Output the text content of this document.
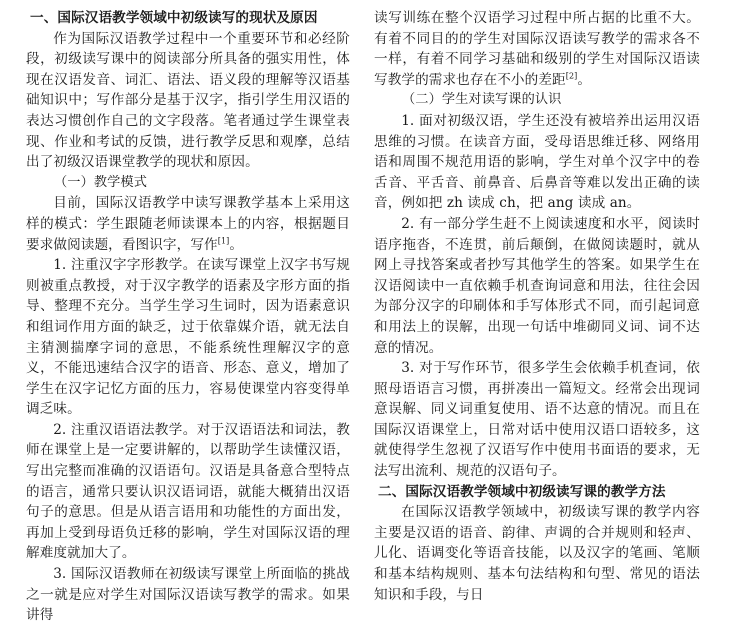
一、国际汉语教学领域中初级读写的现状及原因

作为国际汉语教学过程中一个重要环节和必经阶段，初级读写课中的阅读部分所具备的强实用性，体现在汉语发音、词汇、语法、语义段的理解等汉语基础知识中；写作部分是基于汉字，指引学生用汉语的表达习惯创作自己的文字段落。笔者通过学生课堂表现、作业和考试的反馈，进行教学反思和观摩，总结出了初级汉语课堂教学的现状和原因。

（一）教学模式

目前，国际汉语教学中读写课教学基本上采用这样的模式：学生跟随老师读课本上的内容，根据题目要求做阅读题，看图识字，写作[1]。

1. 注重汉字字形教学。在读写课堂上汉字书写规则被重点教授，对于汉字教学的语素及字形方面的指导、整理不充分。当学生学习生词时，因为语素意识和组词作用方面的缺乏，过于依靠媒介语，就无法自主猜测揣摩字词的意思，不能系统性理解汉字的意义，不能迅速结合汉字的语音、形态、意义，增加了学生在汉字记忆方面的压力，容易使课堂内容变得单调乏味。

2. 注重汉语语法教学。对于汉语语法和词法，教师在课堂上是一定要讲解的，以帮助学生读懂汉语，写出完整而准确的汉语语句。汉语是具备意合型特点的语言，通常只要认识汉语词语，就能大概猜出汉语句子的意思。但是从语言语用和功能性的方面出发，再加上受到母语负迁移的影响，学生对国际汉语的理解难度就加大了。

3. 国际汉语教师在初级读写课堂上所面临的挑战之一就是应对学生对国际汉语读写教学的需求。如果讲得

读写训练在整个汉语学习过程中所占据的比重不大。有着不同目的的学生对国际汉语读写教学的需求各不一样，有着不同学习基础和级别的学生对国际汉语读写教学的需求也存在不小的差距[2]。

（二）学生对读写课的认识

1. 面对初级汉语，学生还没有被培养出运用汉语思维的习惯。在读音方面，受母语思维迁移、网络用语和周围不规范用语的影响，学生对单个汉字中的卷舌音、平舌音、前鼻音、后鼻音等难以发出正确的读音，例如把 zh 读成 ch，把 ang 读成 an。

2. 有一部分学生赶不上阅读速度和水平，阅读时语序拖沓，不连贯，前后颠倒，在做阅读题时，就从网上寻找答案或者抄写其他学生的答案。如果学生在汉语阅读中一直依赖手机查询词意和用法，往往会因为部分汉字的印刷体和手写体形式不同，而引起词意和用法上的误解，出现一句话中堆砌同义词、词不达意的情况。

3. 对于写作环节，很多学生会依赖手机查词，依照母语语言习惯，再拼凑出一篇短文。经常会出现词意误解、同义词重复使用、语不达意的情况。而且在国际汉语课堂上，日常对话中使用汉语口语较多，这就使得学生忽视了汉语写作中使用书面语的要求，无法写出流利、规范的汉语句子。

二、国际汉语教学领域中初级读写课的教学方法

在国际汉语教学领域中，初级读写课的教学内容主要是汉语的语音、韵律、声调的合并规则和轻声、儿化、语调变化等语音技能，以及汉字的笔画、笔顺和基本结构规则、基本句法结构和句型、常见的语法知识和手段，与日
